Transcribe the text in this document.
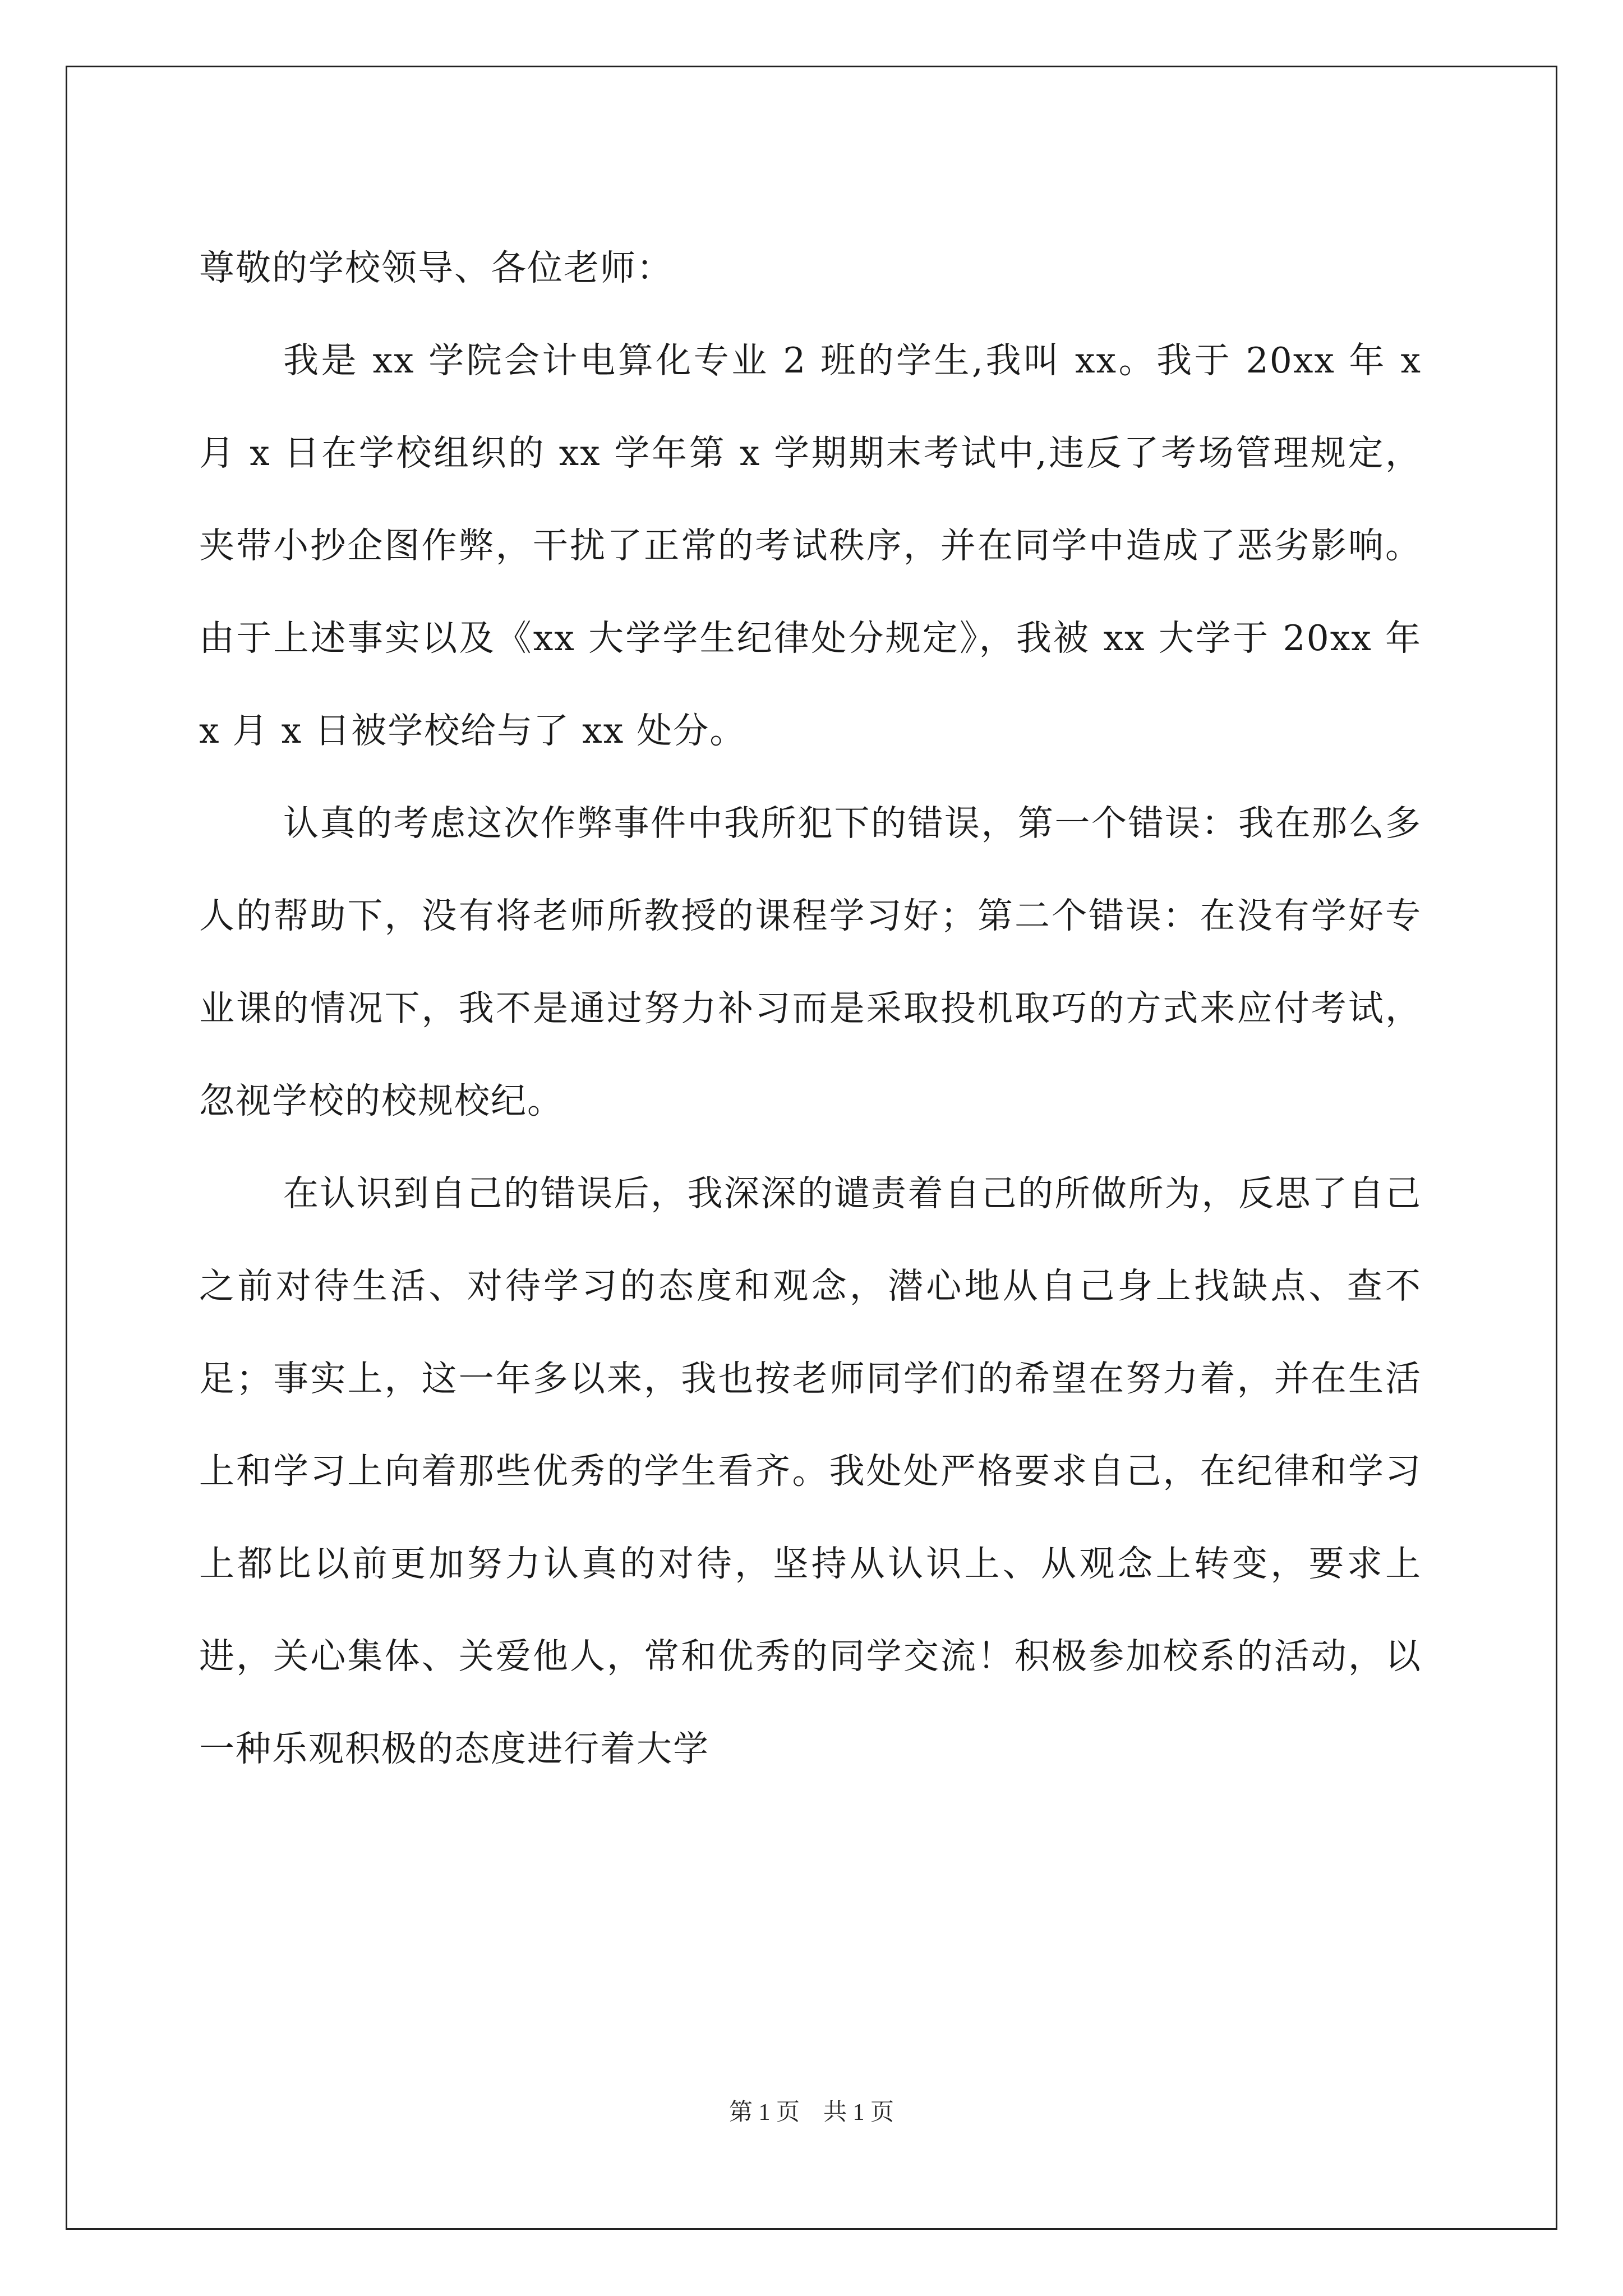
尊敬的学校领导、各位老师：

我是 xx 学院会计电算化专业 2 班的学生,我叫 xx。我于 20xx 年 x 月 x 日在学校组织的 xx 学年第 x 学期期末考试中,违反了考场管理规定，夹带小抄企图作弊，干扰了正常的考试秩序，并在同学中造成了恶劣影响。由于上述事实以及《xx 大学学生纪律处分规定》，我被 xx 大学于 20xx 年 x 月 x 日被学校给与了 xx 处分。

认真的考虑这次作弊事件中我所犯下的错误，第一个错误：我在那么多人的帮助下，没有将老师所教授的课程学习好；第二个错误：在没有学好专业课的情况下，我不是通过努力补习而是采取投机取巧的方式来应付考试，忽视学校的校规校纪。

在认识到自己的错误后，我深深的谴责着自己的所做所为，反思了自己之前对待生活、对待学习的态度和观念，潜心地从自己身上找缺点、查不足；事实上，这一年多以来，我也按老师同学们的希望在努力着，并在生活上和学习上向着那些优秀的学生看齐。我处处严格要求自己，在纪律和学习上都比以前更加努力认真的对待，坚持从认识上、从观念上转变，要求上进，关心集体、关爱他人，常和优秀的同学交流！积极参加校系的活动，以一种乐观积极的态度进行着大学

第 1 页 共 1 页
